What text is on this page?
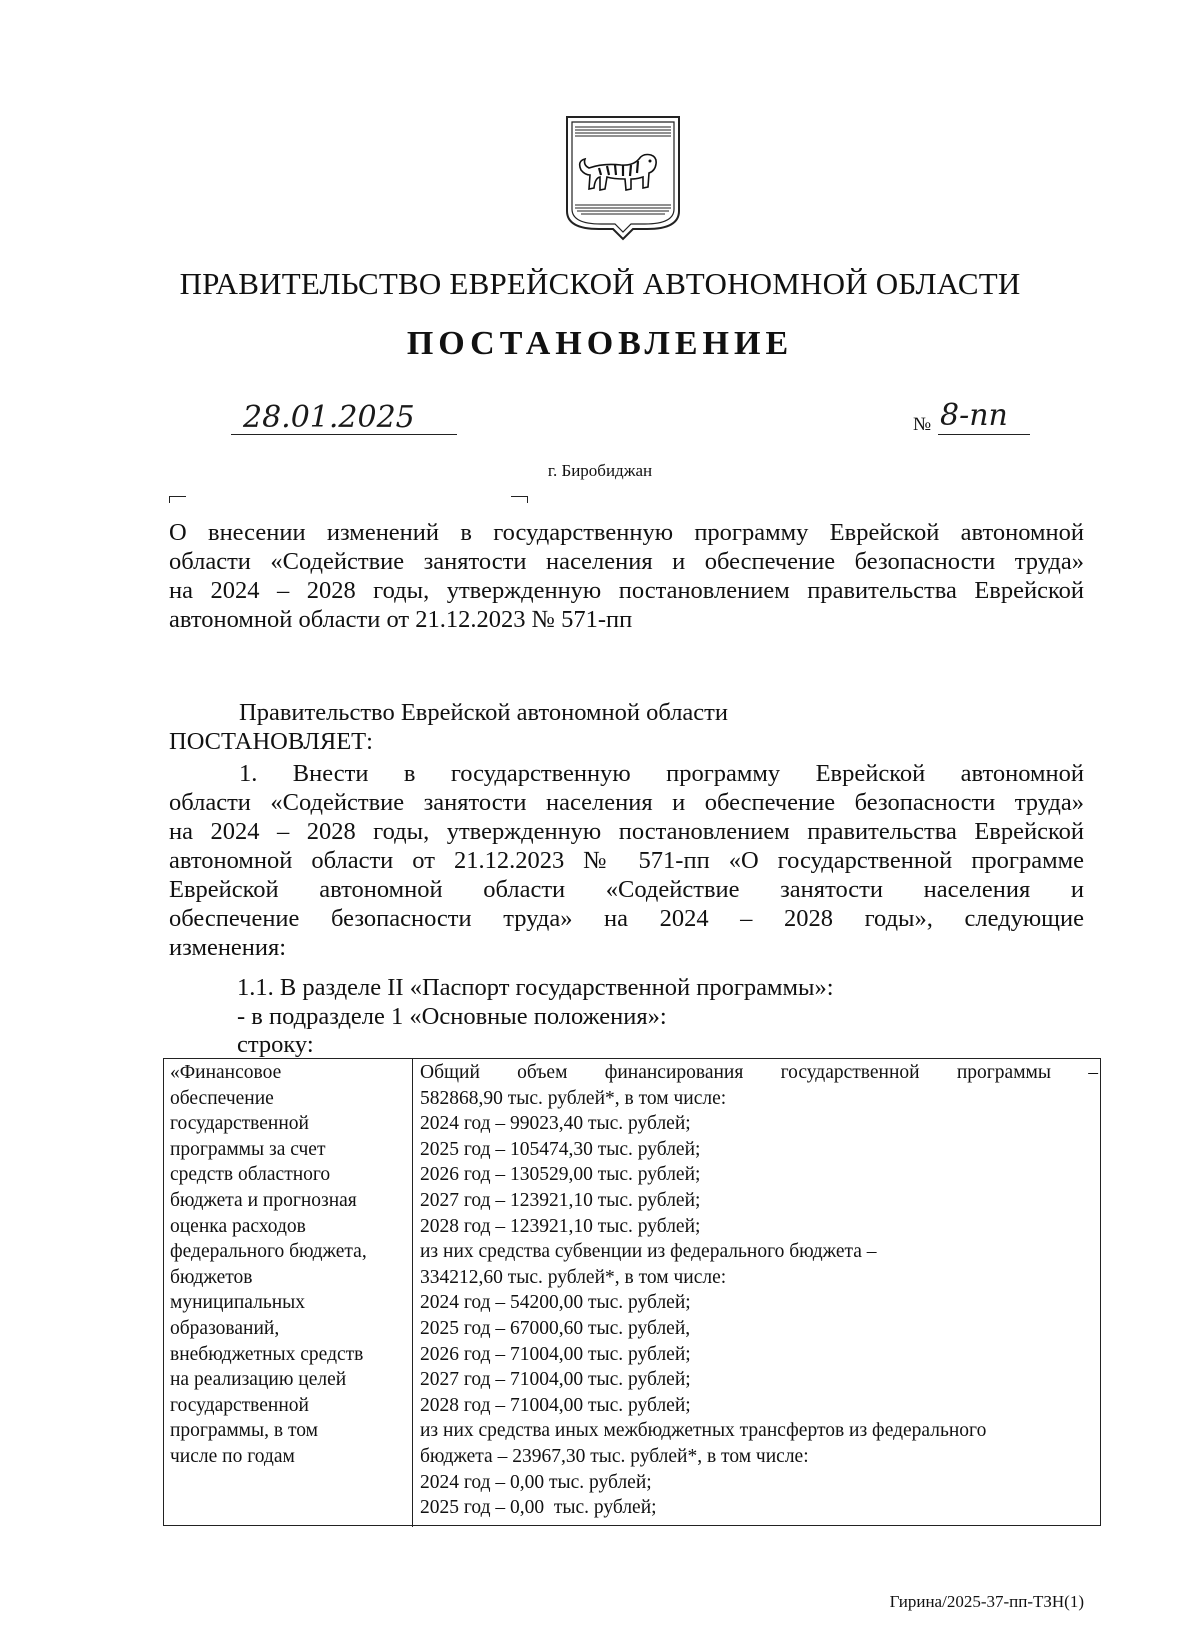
ПРАВИТЕЛЬСТВО ЕВРЕЙСКОЙ АВТОНОМНОЙ ОБЛАСТИ
ПОСТАНОВЛЕНИЕ
28.01.2025	№ 8-пп
г. Биробиджан
О внесении изменений в государственную программу Еврейской автономной
области «Содействие занятости населения и обеспечение безопасности труда»
на 2024 – 2028 годы, утвержденную постановлением правительства Еврейской
автономной области от 21.12.2023 № 571-пп
Правительство Еврейской автономной области
ПОСТАНОВЛЯЕТ:
1. Внести в государственную программу Еврейской автономной
области «Содействие занятости населения и обеспечение безопасности труда»
на 2024 – 2028 годы, утвержденную постановлением правительства Еврейской
автономной области от 21.12.2023 № 571-пп «О государственной программе
Еврейской автономной области «Содействие занятости населения и
обеспечение безопасности труда» на 2024 – 2028 годы», следующие
изменения:
1.1. В разделе II «Паспорт государственной программы»:
- в подразделе 1 «Основные положения»:
строку:
«Финансовое
обеспечение
государственной
программы за счет
средств областного
бюджета и прогнозная
оценка расходов
федерального бюджета,
бюджетов
муниципальных
образований,
внебюджетных средств
на реализацию целей
государственной
программы, в том
числе по годам
Общий объем финансирования государственной программы –
582868,90 тыс. рублей*, в том числе:
2024 год – 99023,40 тыс. рублей;
2025 год – 105474,30 тыс. рублей;
2026 год – 130529,00 тыс. рублей;
2027 год – 123921,10 тыс. рублей;
2028 год – 123921,10 тыс. рублей;
из них средства субвенции из федерального бюджета –
334212,60 тыс. рублей*, в том числе:
2024 год – 54200,00 тыс. рублей;
2025 год – 67000,60 тыс. рублей,
2026 год – 71004,00 тыс. рублей;
2027 год – 71004,00 тыс. рублей;
2028 год – 71004,00 тыс. рублей;
из них средства иных межбюджетных трансфертов из федерального
бюджета – 23967,30 тыс. рублей*, в том числе:
2024 год – 0,00 тыс. рублей;
2025 год – 0,00  тыс. рублей;
Гирина/2025-37-пп-ТЗН(1)
